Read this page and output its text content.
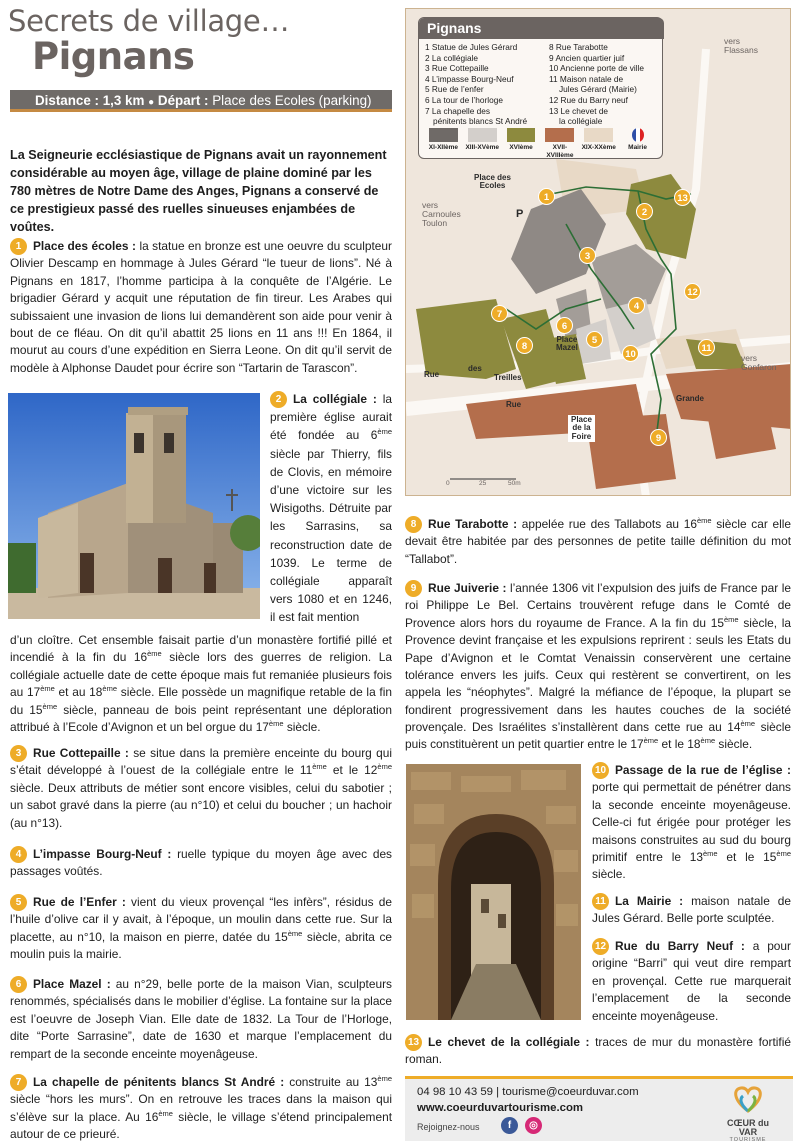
Secrets de village…
Pignans
Distance : 1,3 km ● Départ : Place des Ecoles (parking)
La Seigneurie ecclésiastique de Pignans avait un rayonnement considérable au moyen âge, village de plaine dominé par les 780 mètres de Notre Dame des Anges, Pignans a conservé de ce prestigieux passé des ruelles sinueuses enjambées de voûtes.
1 Place des écoles : la statue en bronze est une oeuvre du sculpteur Olivier Descamp en hommage à Jules Gérard “le tueur de lions”. Né à Pignans en 1817, l’homme participa à la conquête de l’Algérie. Le brigadier Gérard y acquit une réputation de fin tireur. Les Arabes qui subissaient une invasion de lions lui demandèrent son aide pour venir à bout de ce fléau. On dit qu’il abattit 25 lions en 11 ans !!! En 1864, il mourut au cours d’une expédition en Sierra Leone. On dit qu’il servit de modèle à Alphonse Daudet pour écrire son “Tartarin de Tarascon”.
2 La collégiale : la première église aurait été fondée au 6ème siècle par Thierry, fils de Clovis, en mémoire d’une victoire sur les Wisigoths. Détruite par les Sarrasins, sa reconstruction date de 1039. Le terme de collégiale apparaît vers 1080 et en 1246, il est fait mention
d’un cloître. Cet ensemble faisait partie d’un monastère fortifié pillé et incendié à la fin du 16ème siècle lors des guerres de religion. La collégiale actuelle date de cette époque mais fut remaniée plusieurs fois au 17ème et au 18ème siècle. Elle possède un magnifique retable de la fin du 15ème siècle, panneau de bois peint représentant une déploration attribué à l’Ecole d’Avignon et un bel orgue du 17ème siècle.
3 Rue Cottepaille : se situe dans la première enceinte du bourg qui s’était développé à l’ouest de la collégiale entre le 11ème et le 12ème siècle. Deux attributs de métier sont encore visibles, celui du sabotier ; un sabot gravé dans la pierre (au n°10) et celui du boucher ; un hachoir (au n°13).
4 L’impasse Bourg-Neuf : ruelle typique du moyen âge avec des passages voûtés.
5 Rue de l’Enfer : vient du vieux provençal “les infèrs”, résidus de l’huile d’olive car il y avait, à l’époque, un moulin dans cette rue. Sur la placette, au n°10, la maison en pierre, datée du 15ème siècle, abrita ce moulin puis la mairie.
6 Place Mazel : au n°29, belle porte de la maison Vian, sculpteurs renommés, spécialisés dans le mobilier d’église. La fontaine sur la place est l’oeuvre de Joseph Vian. Elle date de 1832. La Tour de l’Horloge, dite “Porte Sarrasine”, date de 1630 et marque l’emplacement du rempart de la seconde enceinte moyenâgeuse.
7 La chapelle de pénitents blancs St André : construite au 13ème siècle “hors les murs”. On en retrouve les traces dans la maison qui s’élève sur la place. Au 16ème siècle, le village s’étend principalement autour de ce prieuré.
Pignans
1 Statue de Jules Gérard
2 La collégiale
3 Rue Cottepaille
4 L’impasse Bourg-Neuf
5 Rue de l’enfer
6 La tour de l’horloge
7 La chapelle des
pénitents blancs St André
8 Rue Tarabotte
9 Ancien quartier juif
10 Ancienne porte de ville
11 Maison natale de
Jules Gérard (Mairie)
12 Rue du Barry neuf
13 Le chevet de
la collégiale
XI-XIIème	XIII-XVème	XVIème	XVII-XVIIIème
XIX-XXème	Mairie
vers
Flassans
Place des
Ecoles
vers
Carnoules
Toulon
P
Place
Mazel
Rue
des
Treilles
vers
Gonfaron
Rue
Grande
Place
de la
Foire
0	25	50m
1
2
3
4
5
6
7
8
9
10
11
12
13
8 Rue Tarabotte : appelée rue des Tallabots au 16ème siècle car elle devait être habitée par des personnes de petite taille définition du mot “Tallabot”.
9 Rue Juiverie : l’année 1306 vit l’expulsion des juifs de France par le roi Philippe Le Bel. Certains trouvèrent refuge dans le Comté de Provence alors hors du royaume de France. A la fin du 15ème siècle, la Provence devint française et les expulsions reprirent : seuls les Etats du Pape d’Avignon et le Comtat Venaissin conservèrent une certaine tolérance envers les juifs. Ceux qui restèrent se convertirent, on les appela les “néophytes”. Malgré la méfiance de l’époque, la plupart se fondirent progressivement dans les hautes couches de la société provençale. Des Israélites s’installèrent dans cette rue au 14ème siècle puis constituèrent un petit quartier entre le 17ème et le 18ème siècle.
10 Passage de la rue de l’église : porte qui permettait de pénétrer dans la seconde enceinte moyenâgeuse. Celle-ci fut érigée pour protéger les maisons construites au sud du bourg primitif entre le 13ème et le 15ème siècle.
11 La Mairie : maison natale de Jules Gérard. Belle porte sculptée.
12 Rue du Barry Neuf : a pour origine “Barri” qui veut dire rempart en provençal. Cette rue marquerait l’emplacement de la seconde enceinte moyenâgeuse.
13 Le chevet de la collégiale : traces de mur du monastère fortifié roman.
04 98 10 43 59 | tourisme@coeurduvar.com
www.coeurduvartourisme.com
Rejoignez-nous	f	◎	CŒUR du VAR
TOURISME
